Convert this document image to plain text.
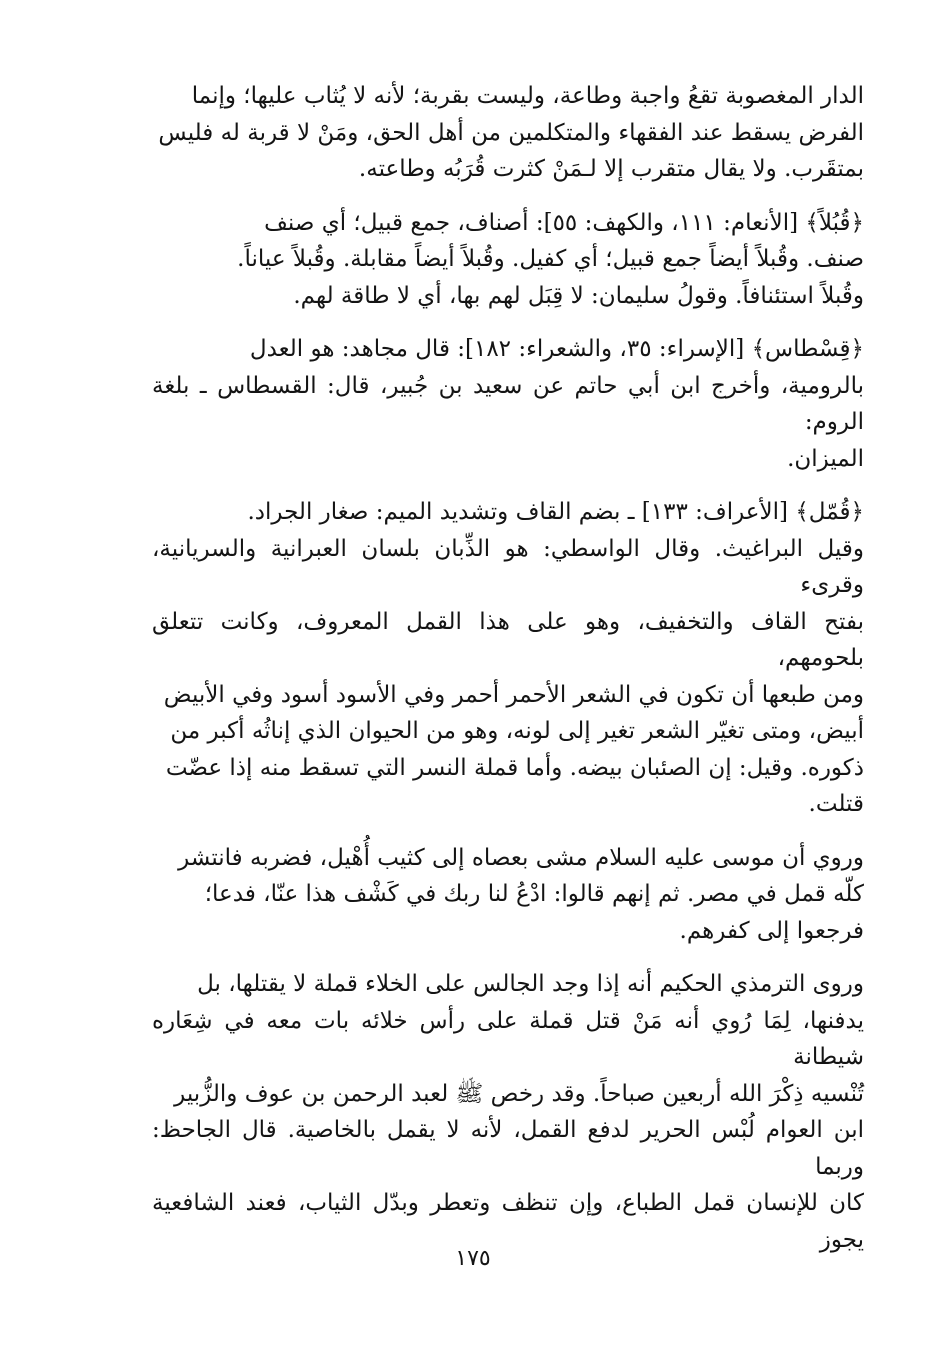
الدار المغصوبة تقعُ واجبة وطاعة، وليست بقربة؛ لأنه لا يُثاب عليها؛ وإنما
الفرض يسقط عند الفقهاء والمتكلمين من أهل الحق، ومَنْ لا قربة له فليس
بمتقَرب. ولا يقال متقرب إلا لـمَنْ كثرت قُرَبُه وطاعته.

﴿قُبُلاً﴾ [الأنعام: ١١١، والكهف: ٥٥]: أصناف، جمع قبيل؛ أي صنف
صنف. وقُبلاً أيضاً جمع قبيل؛ أي كفيل. وقُبلاً أيضاً مقابلة. وقُبلاً عياناً.
وقُبلاً استئنافاً. وقولُ سليمان: لا قِبَل لهم بها، أي لا طاقة لهم.

﴿قِسْطاس﴾ [الإسراء: ٣٥، والشعراء: ١٨٢]: قال مجاهد: هو العدل
بالرومية، وأخرج ابن أبي حاتم عن سعيد بن جُبير، قال: القسطاس ـ بلغة الروم:
الميزان.

﴿قُمّل﴾ [الأعراف: ١٣٣] ـ بضم القاف وتشديد الميم: صغار الجراد.
وقيل البراغيث. وقال الواسطي: هو الذِّبان بلسان العبرانية والسريانية، وقرىء
بفتح القاف والتخفيف، وهو على هذا القمل المعروف، وكانت تتعلق بلحومهم،
ومن طبعها أن تكون في الشعر الأحمر أحمر وفي الأسود أسود وفي الأبيض
أبيض، ومتى تغيّر الشعر تغير إلى لونه، وهو من الحيوان الذي إناثُه أكبر من
ذكوره. وقيل: إن الصئبان بيضه. وأما قملة النسر التي تسقط منه إذا عضّت
قتلت.

وروي أن موسى عليه السلام مشى بعصاه إلى كثيب أُهْيل، فضربه فانتشر
كلّه قمل في مصر. ثم إنهم قالوا: ادْعُ لنا ربك في كَشْف هذا عنّا، فدعا؛
فرجعوا إلى كفرهم.

وروى الترمذي الحكيم أنه إذا وجد الجالس على الخلاء قملة لا يقتلها، بل
يدفنها، لِمَا رُوي أنه مَنْ قتل قملة على رأس خلائه بات معه في شِعَاره شيطانة
تُنْسيه ذِكْرَ الله أربعين صباحاً. وقد رخص ﷺ لعبد الرحمن بن عوف والزُّبير
ابن العوام لُبْس الحرير لدفع القمل، لأنه لا يقمل بالخاصية. قال الجاحظ: وربما
كان للإنسان قمل الطباع، وإن تنظف وتعطر وبدّل الثياب، فعند الشافعية يجوز

١٧٥
